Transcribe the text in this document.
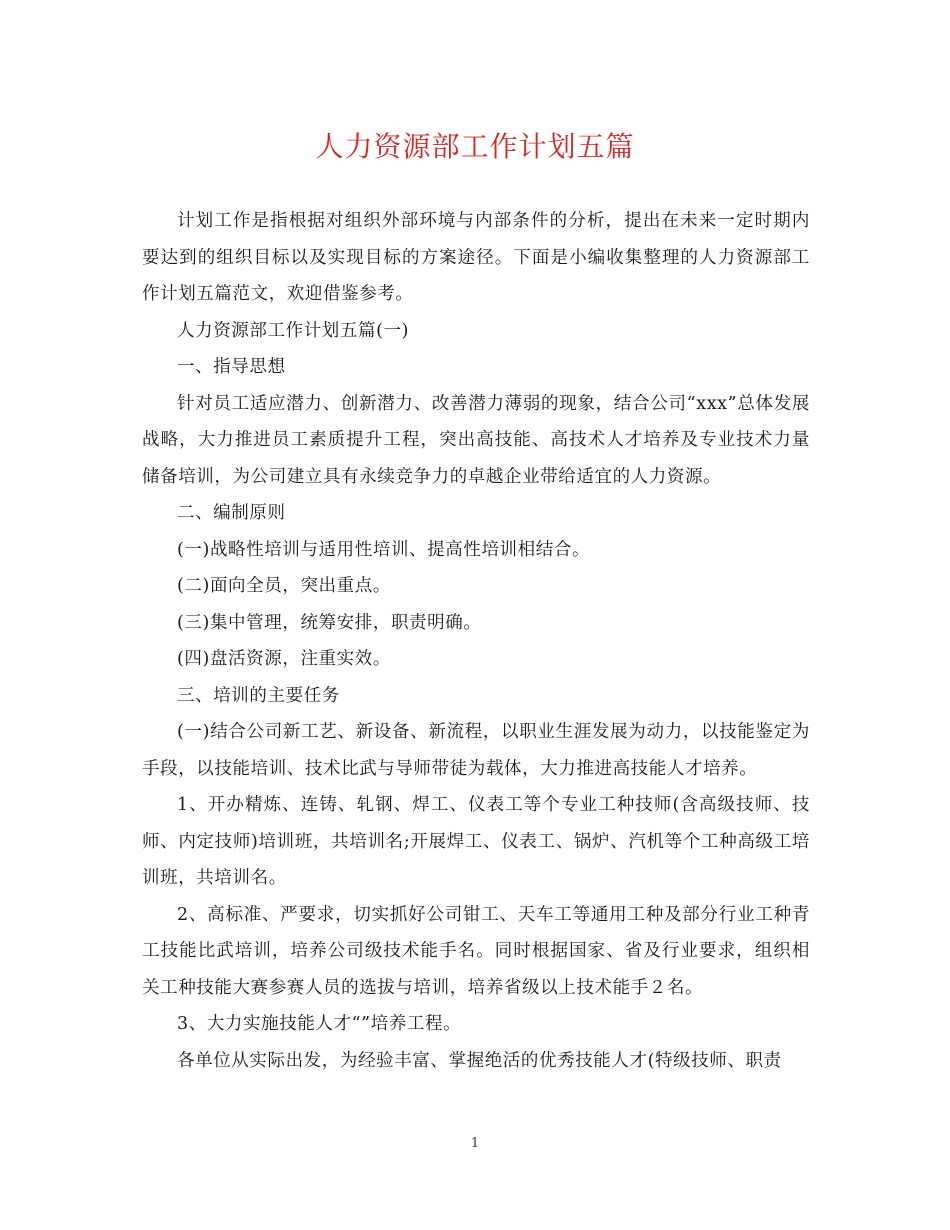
人力资源部工作计划五篇

计划工作是指根据对组织外部环境与内部条件的分析，提出在未来一定时期内要达到的组织目标以及实现目标的方案途径。下面是小编收集整理的人力资源部工作计划五篇范文，欢迎借鉴参考。

人力资源部工作计划五篇(一)

一、指导思想

针对员工适应潜力、创新潜力、改善潜力薄弱的现象，结合公司“xxx”总体发展战略，大力推进员工素质提升工程，突出高技能、高技术人才培养及专业技术力量储备培训，为公司建立具有永续竞争力的卓越企业带给适宜的人力资源。

二、编制原则

(一)战略性培训与适用性培训、提高性培训相结合。

(二)面向全员，突出重点。

(三)集中管理，统筹安排，职责明确。

(四)盘活资源，注重实效。

三、培训的主要任务

(一)结合公司新工艺、新设备、新流程，以职业生涯发展为动力，以技能鉴定为手段，以技能培训、技术比武与导师带徒为载体，大力推进高技能人才培养。

1、开办精炼、连铸、轧钢、焊工、仪表工等个专业工种技师(含高级技师、技师、内定技师)培训班，共培训名;开展焊工、仪表工、锅炉、汽机等个工种高级工培训班，共培训名。

2、高标准、严要求，切实抓好公司钳工、天车工等通用工种及部分行业工种青工技能比武培训，培养公司级技术能手名。同时根据国家、省及行业要求，组织相关工种技能大赛参赛人员的选拔与培训，培养省级以上技术能手２名。

3、大力实施技能人才“”培养工程。

各单位从实际出发，为经验丰富、掌握绝活的优秀技能人才(特级技师、职责

1
